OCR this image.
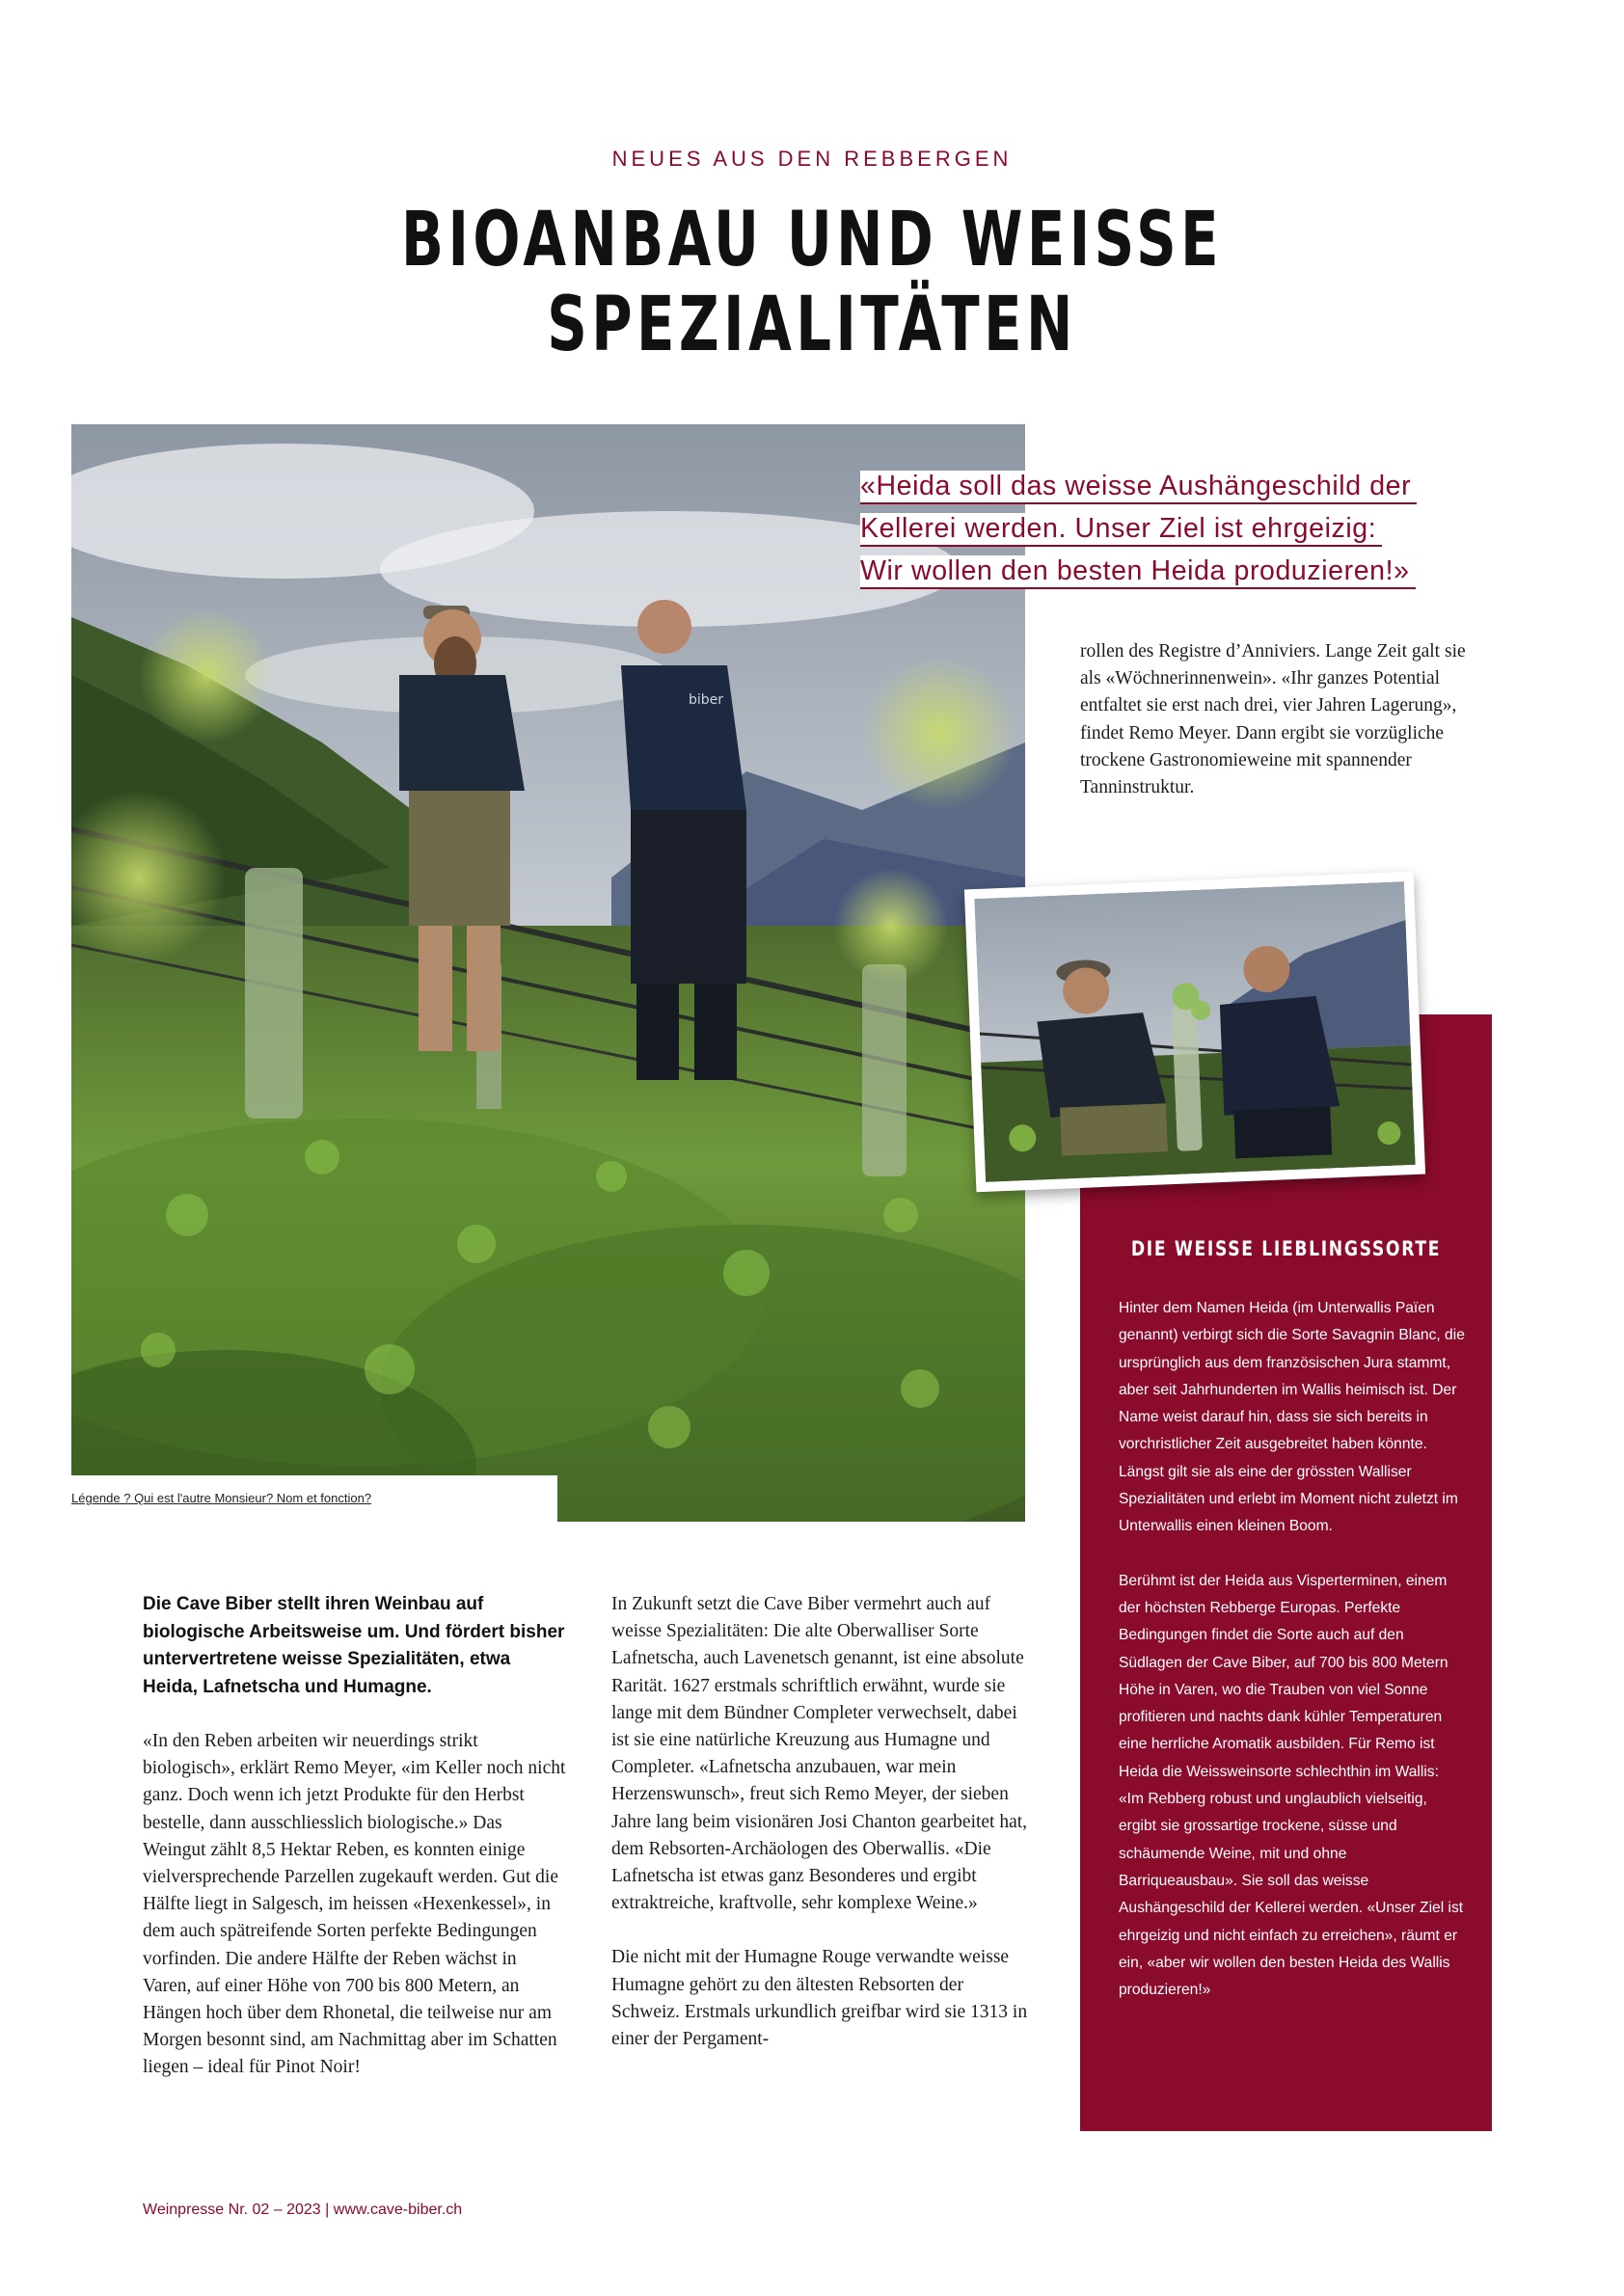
NEUES AUS DEN REBBERGEN
BIOANBAU UND WEISSE
SPEZIALITÄTEN
biber
Légende ? Qui est l'autre Monsieur? Nom et fonction?
«Heida soll das weisse Aushängeschild der
Kellerei werden. Unser Ziel ist ehrgeizig:
Wir wollen den besten Heida produzieren!»
rollen des Registre d’Anniviers. Lange Zeit galt sie als «Wöchnerinnenwein». «Ihr ganzes Potential entfaltet sie erst nach drei, vier Jahren Lagerung», findet Remo Meyer. Dann ergibt sie vorzügliche trockene Gastronomieweine mit spannender Tanninstruktur.
DIE WEISSE LIEBLINGSSORTE

Hinter dem Namen Heida (im Unterwallis Païen genannt) verbirgt sich die Sorte Savagnin Blanc, die ursprünglich aus dem französischen Jura stammt, aber seit Jahrhunderten im Wallis heimisch ist. Der Name weist darauf hin, dass sie sich bereits in vorchristlicher Zeit ausgebreitet haben könnte. Längst gilt sie als eine der grössten Walliser Spezialitäten und erlebt im Moment nicht zuletzt im Unterwallis einen kleinen Boom.

Berühmt ist der Heida aus Visperterminen, einem der höchsten Rebberge Europas. Perfekte Bedingungen findet die Sorte auch auf den Südlagen der Cave Biber, auf 700 bis 800 Metern Höhe in Varen, wo die Trauben von viel Sonne profitieren und nachts dank kühler Temperaturen eine herrliche Aromatik ausbilden. Für Remo ist Heida die Weissweinsorte schlechthin im Wallis: «Im Rebberg robust und unglaublich vielseitig, ergibt sie grossartige trockene, süsse und schäumende Weine, mit und ohne Barriqueausbau». Sie soll das weisse Aushängeschild der Kellerei werden. «Unser Ziel ist ehrgeizig und nicht einfach zu erreichen», räumt er ein, «aber wir wollen den besten Heida des Wallis produzieren!»

Die Cave Biber stellt ihren Weinbau auf biologische Arbeitsweise um. Und fördert bisher untervertretene weisse Spezialitäten, etwa Heida, Lafnetscha und Humagne.

«In den Reben arbeiten wir neuerdings strikt biologisch», erklärt Remo Meyer, «im Keller noch nicht ganz. Doch wenn ich jetzt Produkte für den Herbst bestelle, dann ausschliesslich biologische.» Das Weingut zählt 8,5 Hektar Reben, es konnten einige vielversprechende Parzellen zugekauft werden. Gut die Hälfte liegt in Salgesch, im heissen «Hexenkessel», in dem auch spätreifende Sorten perfekte Bedingungen vorfinden. Die andere Hälfte der Reben wächst in Varen, auf einer Höhe von 700 bis 800 Metern, an Hängen hoch über dem Rhonetal, die teilweise nur am Morgen besonnt sind, am Nachmittag aber im Schatten liegen – ideal für Pinot Noir!

In Zukunft setzt die Cave Biber vermehrt auch auf weisse Spezialitäten: Die alte Oberwalliser Sorte Lafnetscha, auch Lavenetsch genannt, ist eine absolute Rarität. 1627 erstmals schriftlich erwähnt, wurde sie lange mit dem Bündner Completer verwechselt, dabei ist sie eine natürliche Kreuzung aus Humagne und Completer. «Lafnetscha anzubauen, war mein Herzenswunsch», freut sich Remo Meyer, der sieben Jahre lang beim visionären Josi Chanton gearbeitet hat, dem Rebsorten-Archäologen des Oberwallis. «Die Lafnetscha ist etwas ganz Besonderes und ergibt extraktreiche, kraftvolle, sehr komplexe Weine.»

Die nicht mit der Humagne Rouge verwandte weisse Humagne gehört zu den ältesten Rebsorten der Schweiz. Erstmals urkundlich greifbar wird sie 1313 in einer der Pergament-

Weinpresse Nr. 02 – 2023 | www.cave-biber.ch
